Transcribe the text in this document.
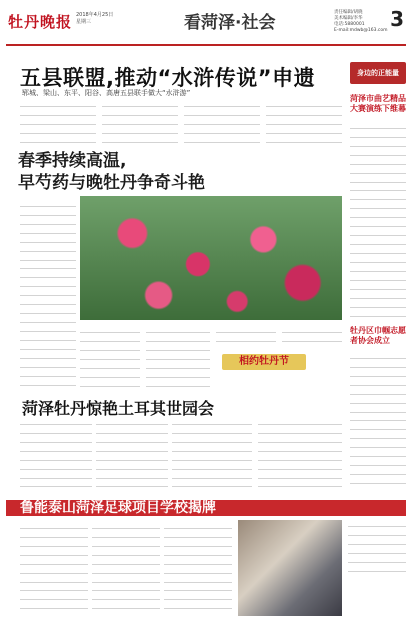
牡丹晚报 2018年4月25日
星期三	看菏泽·社会
责任编辑/胡晓
美术编辑/李华
电话:5880001
E-mail:mdwb@163.com 3
五县联盟,推动“水浒传说”申遗
郓城、梁山、东平、阳谷、高唐五县联手做大“水浒游”
身边的正能量
菏泽市曲艺精品大赛演练下维幕
牡丹区巾帼志愿者协会成立
春季持续高温,
早芍药与晚牡丹争奇斗艳
相约牡丹节
菏泽牡丹惊艳土耳其世园会
鲁能泰山菏泽足球项目学校揭牌
